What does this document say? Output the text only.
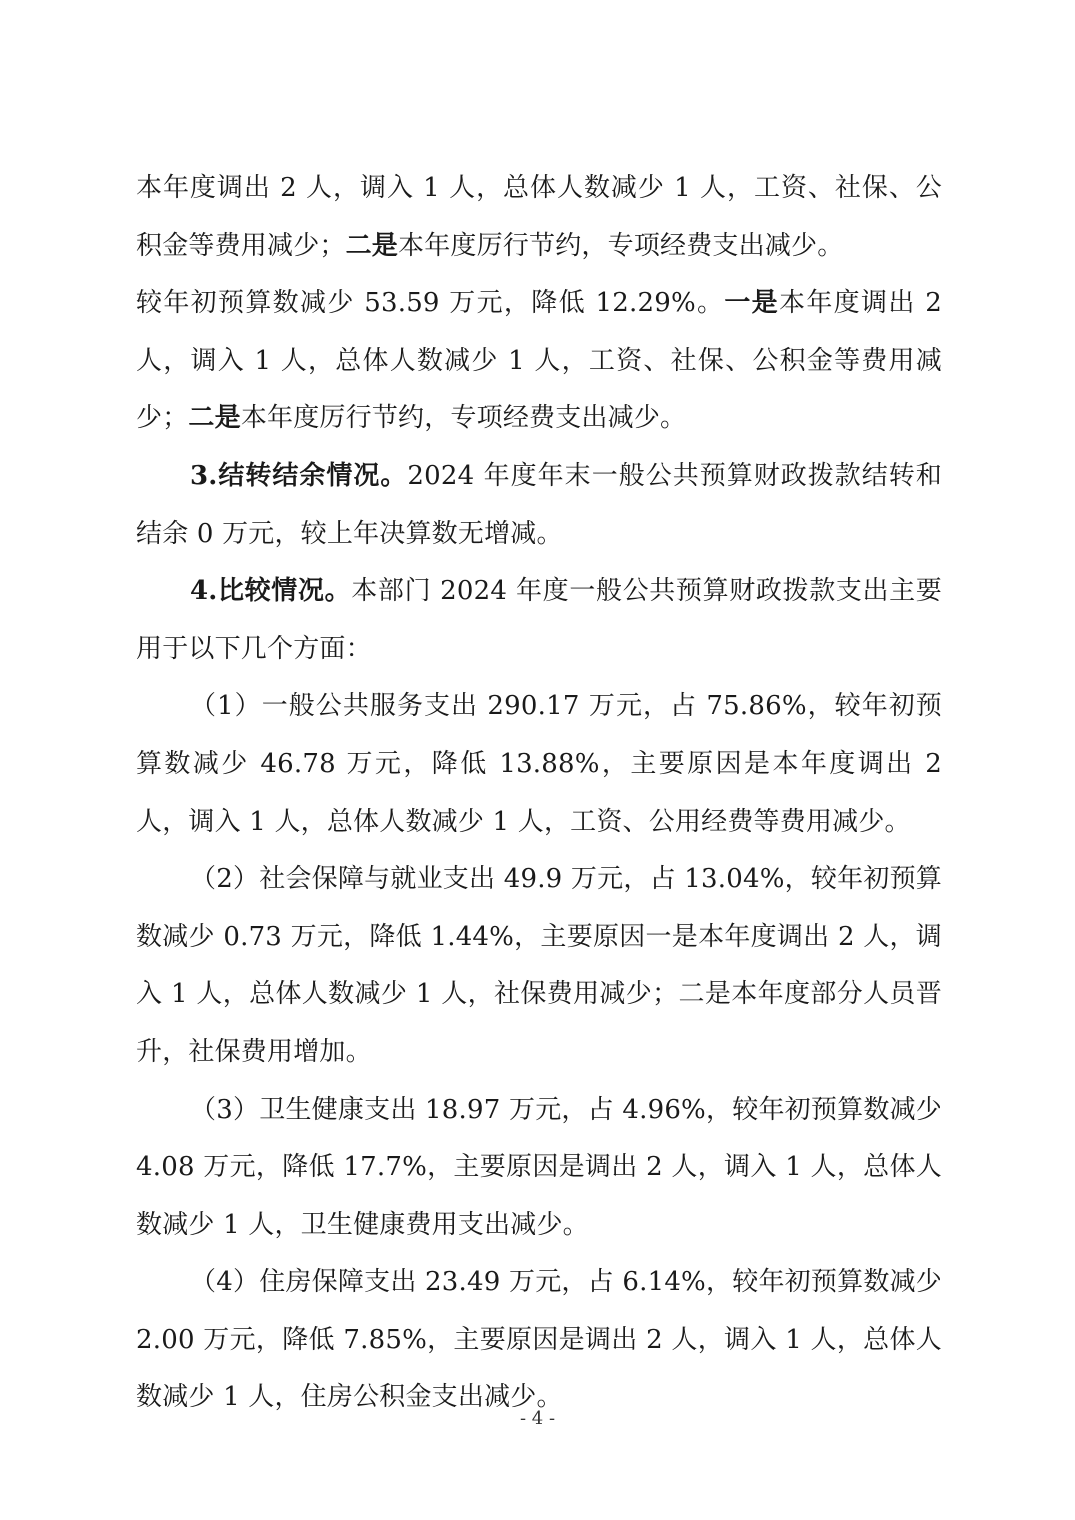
本年度调出 2 人，调入 1 人，总体人数减少 1 人，工资、社保、公积金等费用减少；二是本年度厉行节约，专项经费支出减少。

较年初预算数减少 53.59 万元，降低 12.29%。一是本年度调出 2 人，调入 1 人，总体人数减少 1 人，工资、社保、公积金等费用减少；二是本年度厉行节约，专项经费支出减少。

3.结转结余情况。2024 年度年末一般公共预算财政拨款结转和结余 0 万元，较上年决算数无增减。

4.比较情况。本部门 2024 年度一般公共预算财政拨款支出主要用于以下几个方面：

（1）一般公共服务支出 290.17 万元，占 75.86%，较年初预算数减少 46.78 万元，降低 13.88%，主要原因是本年度调出 2 人，调入 1 人，总体人数减少 1 人，工资、公用经费等费用减少。

（2）社会保障与就业支出 49.9 万元，占 13.04%，较年初预算数减少 0.73 万元，降低 1.44%，主要原因一是本年度调出 2 人，调入 1 人，总体人数减少 1 人，社保费用减少；二是本年度部分人员晋升，社保费用增加。

（3）卫生健康支出 18.97 万元，占 4.96%，较年初预算数减少 4.08 万元，降低 17.7%，主要原因是调出 2 人，调入 1 人，总体人数减少 1 人，卫生健康费用支出减少。

（4）住房保障支出 23.49 万元，占 6.14%，较年初预算数减少 2.00 万元，降低 7.85%，主要原因是调出 2 人，调入 1 人，总体人数减少 1 人，住房公积金支出减少。

- 4 -
